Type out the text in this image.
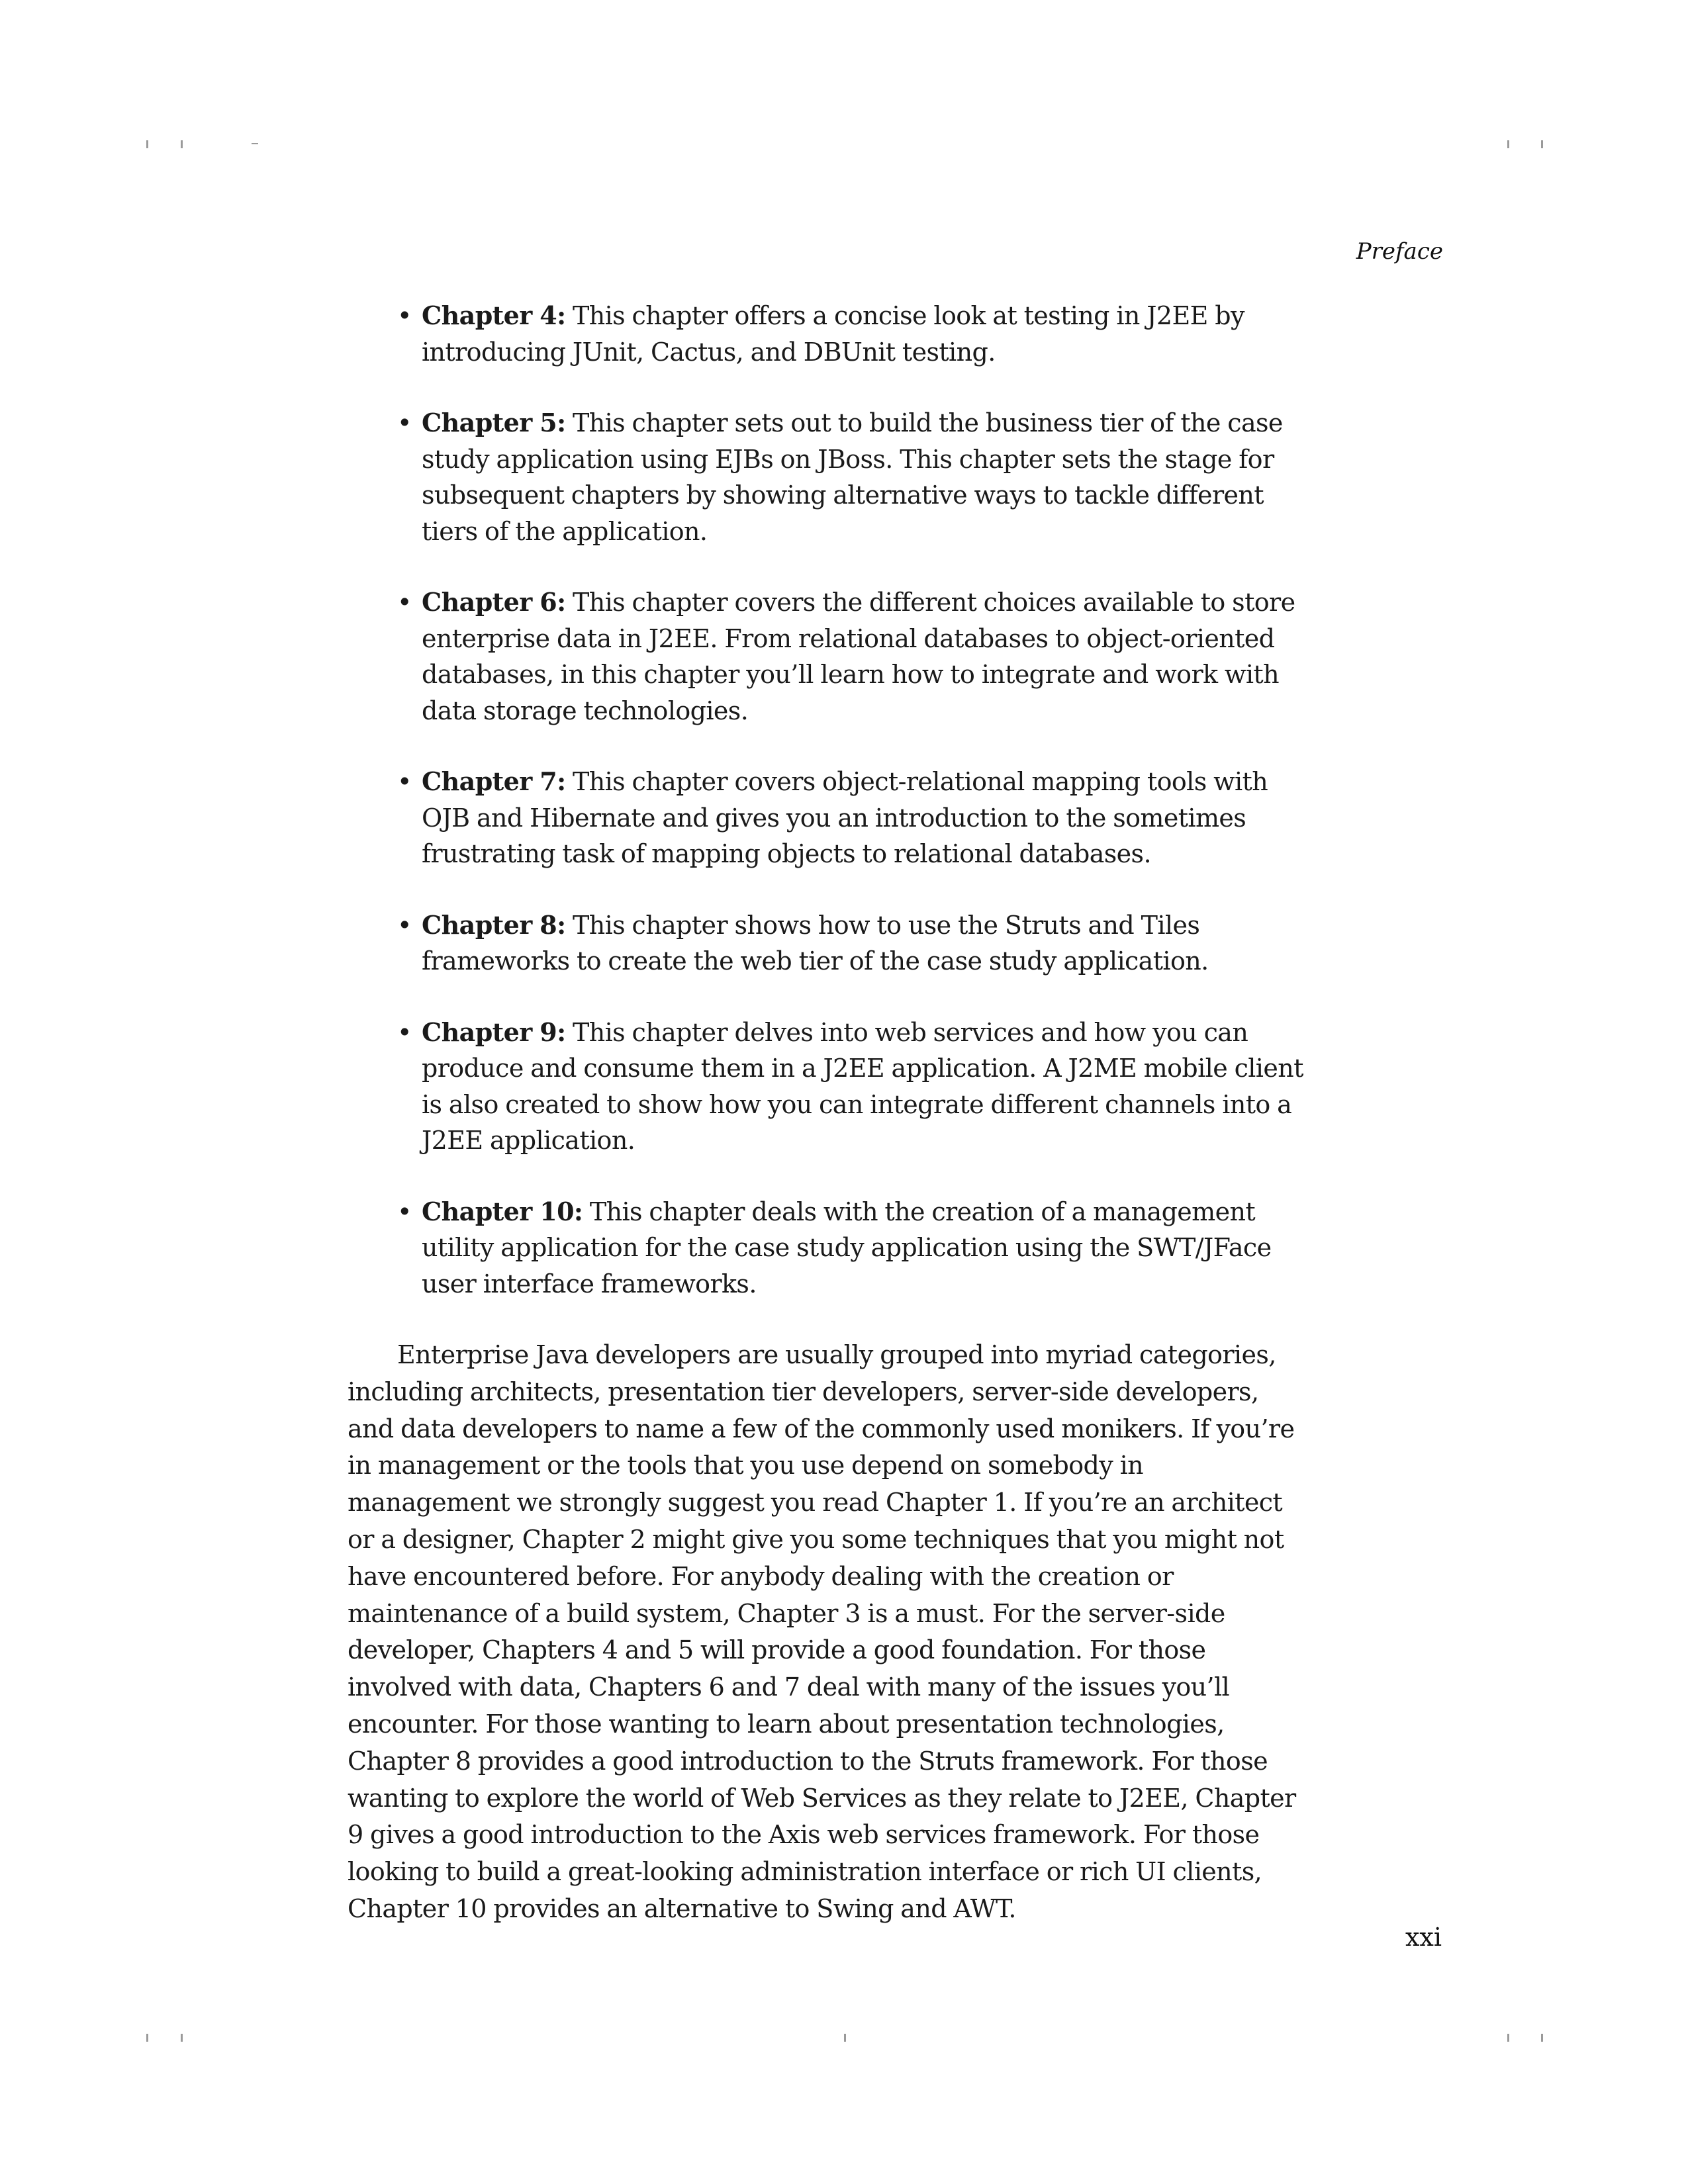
Preface
• Chapter 4: This chapter offers a concise look at testing in J2EE by introducing JUnit, Cactus, and DBUnit testing.
• Chapter 5: This chapter sets out to build the business tier of the case study application using EJBs on JBoss. This chapter sets the stage for subsequent chapters by showing alternative ways to tackle different tiers of the application.
• Chapter 6: This chapter covers the different choices available to store enterprise data in J2EE. From relational databases to object-oriented databases, in this chapter you’ll learn how to integrate and work with data storage technologies.
• Chapter 7: This chapter covers object-relational mapping tools with OJB and Hibernate and gives you an introduction to the sometimes frustrating task of mapping objects to relational databases.
• Chapter 8: This chapter shows how to use the Struts and Tiles frameworks to create the web tier of the case study application.
• Chapter 9: This chapter delves into web services and how you can produce and consume them in a J2EE application. A J2ME mobile client is also created to show how you can integrate different channels into a J2EE application.
• Chapter 10: This chapter deals with the creation of a management utility application for the case study application using the SWT/JFace user interface frameworks.

Enterprise Java developers are usually grouped into myriad categories, including architects, presentation tier developers, server-side developers, and data developers to name a few of the commonly used monikers. If you’re in management or the tools that you use depend on somebody in management we strongly suggest you read Chapter 1. If you’re an architect or a designer, Chapter 2 might give you some techniques that you might not have encountered before. For anybody dealing with the creation or maintenance of a build system, Chapter 3 is a must. For the server-side developer, Chapters 4 and 5 will provide a good foundation. For those involved with data, Chapters 6 and 7 deal with many of the issues you’ll encounter. For those wanting to learn about presentation technologies, Chapter 8 provides a good introduction to the Struts framework. For those wanting to explore the world of Web Services as they relate to J2EE, Chapter 9 gives a good introduction to the Axis web services framework. For those looking to build a great-looking administration interface or rich UI clients, Chapter 10 provides an alternative to Swing and AWT.

xxi
